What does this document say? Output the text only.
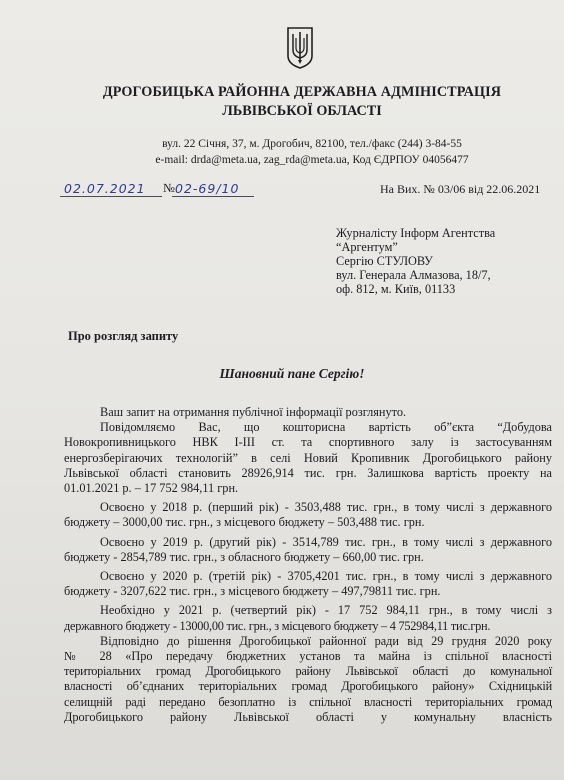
ДРОГОБИЦЬКА РАЙОННА ДЕРЖАВНА АДМІНІСТРАЦІЯ
ЛЬВІВСЬКОЇ ОБЛАСТІ
вул. 22 Січня, 37, м. Дрогобич, 82100, тел./факс (244) 3-84-55
e-mail: drda@meta.ua, zag_rda@meta.ua, Код ЄДРПОУ 04056477
02.07.2021 № 02-69/10	На Вих. № 03/06 від 22.06.2021
Журналісту Інформ Агентства
“Аргентум”
Сергію СТУЛОВУ
вул. Генерала Алмазова, 18/7,
оф. 812, м. Київ, 01133
Про розгляд запиту
Шановний пане Сергію!

Ваш запит на отримання публічної інформації розглянуто.

Повідомляємо Вас, що кошторисна вартість об”єкта “Добудова

Новокропивницького НВК І-ІІІ ст. та спортивного залу із застосуванням

енергозберігаючих технологій” в селі Новий Кропивник Дрогобицького району

Львівської області становить 28926,914 тис. грн. Залишкова вартість проекту на

01.01.2021 р. – 17 752 984,11 грн.

Освоєно у 2018 р. (перший рік) - 3503,488 тис. грн., в тому числі з державного

бюджету – 3000,00 тис. грн., з місцевого бюджету – 503,488 тис. грн.

Освоєно у 2019 р. (другий рік) - 3514,789 тис. грн., в тому числі з державного

бюджету - 2854,789 тис. грн., з обласного бюджету – 660,00 тис. грн.

Освоєно у 2020 р. (третій рік) - 3705,4201 тис. грн., в тому числі з державного

бюджету - 3207,622 тис. грн., з місцевого бюджету – 497,79811 тис. грн.

Необхідно у 2021 р. (четвертий рік) - 17 752 984,11 грн., в тому числі з

державного бюджету - 13000,00 тис. грн., з місцевого бюджету – 4 752984,11 тис.грн.

Відповідно до рішення Дрогобицької районної ради від 29 грудня 2020 року

№ 28 «Про передачу бюджетних установ та майна із спільної власності

територіальних громад Дрогобицького району Львівської області до комунальної

власності об’єднаних територіальних громад Дрогобицького району» Східницькій

селищній раді передано безоплатно із спільної власності територіальних громад

Дрогобицького району Львівської області у комунальну власність
